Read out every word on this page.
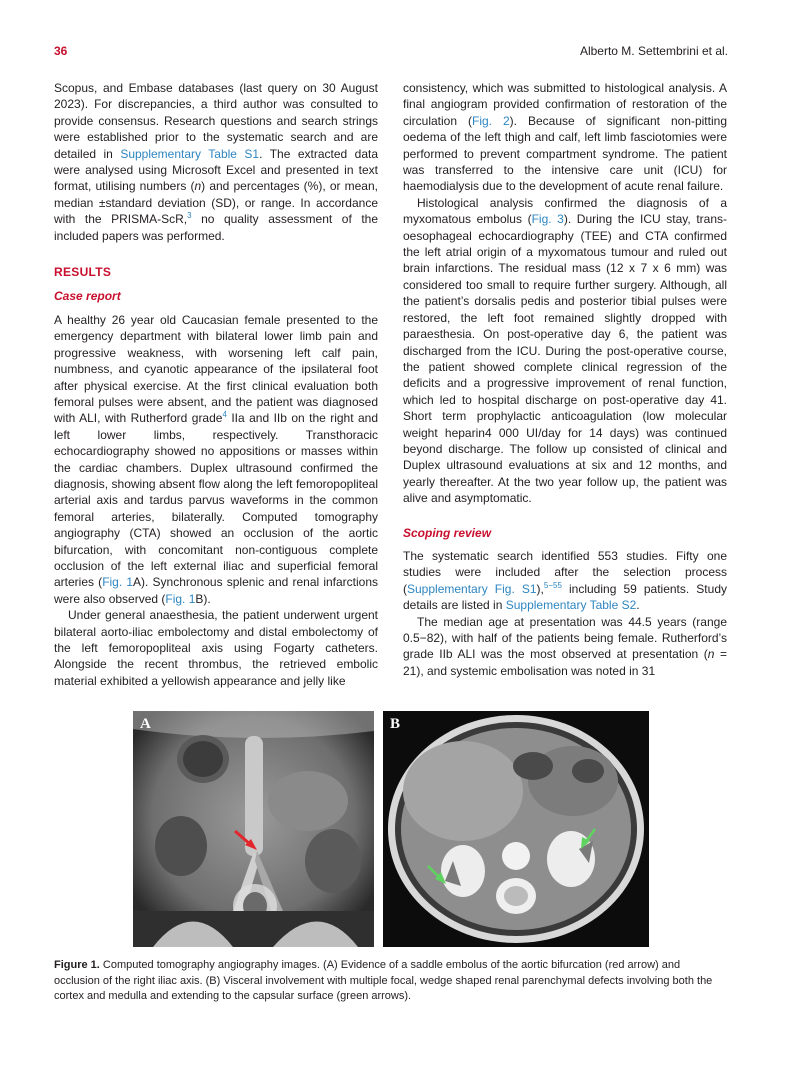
36	Alberto M. Settembrini et al.

Scopus, and Embase databases (last query on 30 August 2023). For discrepancies, a third author was consulted to provide consensus. Research questions and search strings were established prior to the systematic search and are detailed in Supplementary Table S1. The extracted data were analysed using Microsoft Excel and presented in text format, utilising numbers (n) and percentages (%), or mean, median ±standard deviation (SD), or range. In accordance with the PRISMA-ScR,$^3$ no quality assessment of the included papers was performed.

RESULTS
Case report

A healthy 26 year old Caucasian female presented to the emergency department with bilateral lower limb pain and progressive weakness, with worsening left calf pain, numbness, and cyanotic appearance of the ipsilateral foot after physical exercise. At the first clinical evaluation both femoral pulses were absent, and the patient was diagnosed with ALI, with Rutherford grade$^4$ IIa and IIb on the right and left lower limbs, respectively. Transthoracic echocardiography showed no appositions or masses within the cardiac chambers. Duplex ultrasound confirmed the diagnosis, showing absent flow along the left femoropopliteal arterial axis and tardus parvus waveforms in the common femoral arteries, bilaterally. Computed tomography angiography (CTA) showed an occlusion of the aortic bifurcation, with concomitant non-contiguous complete occlusion of the left external iliac and superficial femoral arteries (Fig. 1A). Synchronous splenic and renal infarctions were also observed (Fig. 1B).

Under general anaesthesia, the patient underwent urgent bilateral aorto-iliac embolectomy and distal embolectomy of the left femoropopliteal axis using Fogarty catheters. Alongside the recent thrombus, the retrieved embolic material exhibited a yellowish appearance and jelly like

consistency, which was submitted to histological analysis. A final angiogram provided confirmation of restoration of the circulation (Fig. 2). Because of significant non-pitting oedema of the left thigh and calf, left limb fasciotomies were performed to prevent compartment syndrome. The patient was transferred to the intensive care unit (ICU) for haemodialysis due to the development of acute renal failure.

Histological analysis confirmed the diagnosis of a myxomatous embolus (Fig. 3). During the ICU stay, trans-oesophageal echocardiography (TEE) and CTA confirmed the left atrial origin of a myxomatous tumour and ruled out brain infarctions. The residual mass (12 x 7 x 6 mm) was considered too small to require further surgery. Although, all the patient’s dorsalis pedis and posterior tibial pulses were restored, the left foot remained slightly dropped with paraesthesia. On post-operative day 6, the patient was discharged from the ICU. During the post-operative course, the patient showed complete clinical regression of the deficits and a progressive improvement of renal function, which led to hospital discharge on post-operative day 41. Short term prophylactic anticoagulation (low molecular weight heparin4 000 UI/day for 14 days) was continued beyond discharge. The follow up consisted of clinical and Duplex ultrasound evaluations at six and 12 months, and yearly thereafter. At the two year follow up, the patient was alive and asymptomatic.

Scoping review

The systematic search identified 553 studies. Fifty one studies were included after the selection process (Supplementary Fig. S1),$^{5-55}$ including 59 patients. Study details are listed in Supplementary Table S2.

The median age at presentation was 44.5 years (range 0.5−82), with half of the patients being female. Rutherford’s grade IIb ALI was the most observed at presentation (n = 21), and systemic embolisation was noted in 31

A	B
Figure 1. Computed tomography angiography images. (A) Evidence of a saddle embolus of the aortic bifurcation (red arrow) and occlusion of the right iliac axis. (B) Visceral involvement with multiple focal, wedge shaped renal parenchymal defects involving both the cortex and medulla and extending to the capsular surface (green arrows).
